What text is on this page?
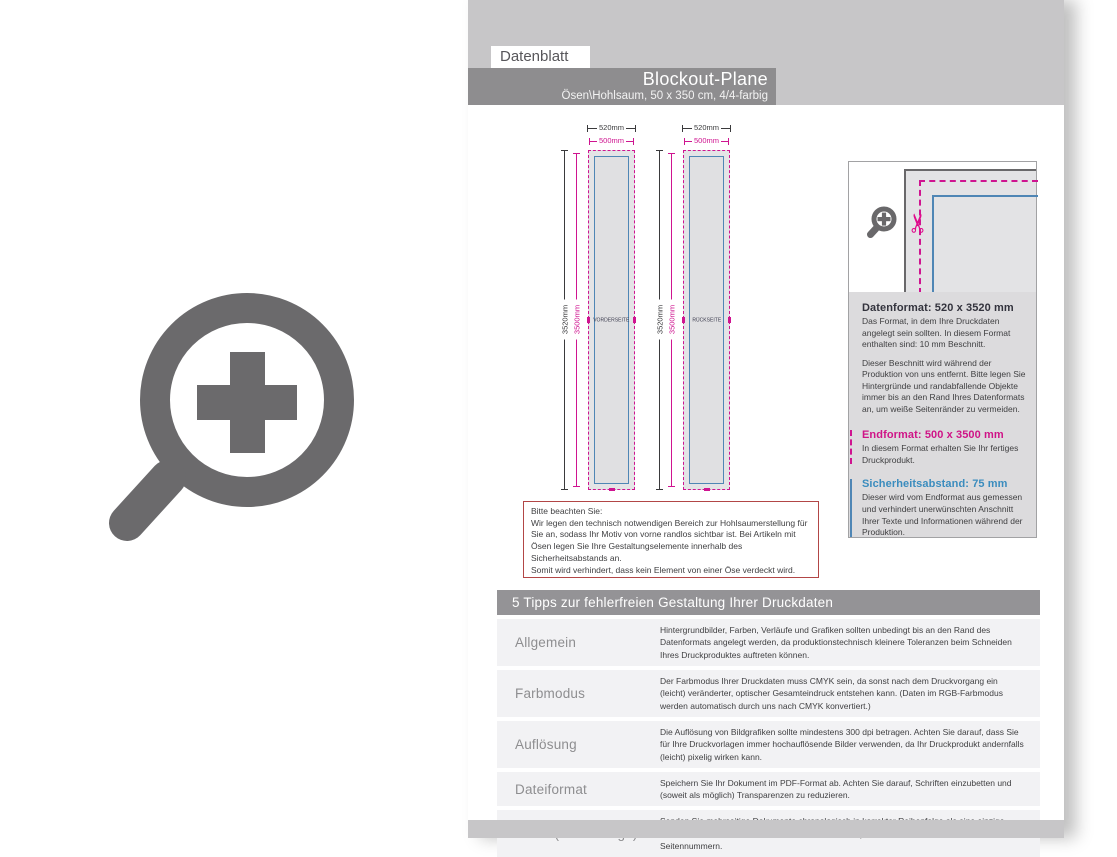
Datenblatt
Blockout-Plane
Ösen\Hohlsaum, 50 x 350 cm, 4/4-farbig
520mm
500mm
3520mm 3500mm VORDERSEITE
520mm
500mm
3520mm 3500mm RÜCKSEITE

Bitte beachten Sie:

Wir legen den technisch notwendigen Bereich zur Hohlsaumerstellung für Sie an, sodass Ihr Motiv von vorne randlos sichtbar ist. Bei Artikeln mit Ösen legen Sie Ihre Gestaltungselemente innerhalb des Sicherheitsabstands an.

Somit wird verhindert, dass kein Element von einer Öse verdeckt wird.

✂
Datenformat: 520 x 3520 mm

Das Format, in dem Ihre Druckdaten angelegt sein sollten. In diesem Format enthalten sind: 10 mm Beschnitt.

Dieser Beschnitt wird während der Produktion von uns entfernt. Bitte legen Sie Hintergründe und randabfallende Objekte immer bis an den Rand Ihres Datenformats an, um weiße Seitenränder zu vermeiden.

Endformat: 500 x 3500 mm

In diesem Format erhalten Sie Ihr fertiges Druckprodukt.

Sicherheitsabstand: 75 mm

Dieser wird vom Endformat aus gemessen und verhindert unerwünschten Anschnitt Ihrer Texte und Informationen während der Produktion.

5 Tipps zur fehlerfreien Gestaltung Ihrer Druckdaten
Allgemein
Hintergrundbilder, Farben, Verläufe und Grafiken sollten unbedingt bis an den Rand des Datenformats angelegt werden, da produktionstechnisch kleinere Toleranzen beim Schneiden Ihres Druckproduktes auftreten können.
Farbmodus
Der Farbmodus Ihrer Druckdaten muss CMYK sein, da sonst nach dem Druckvorgang ein (leicht) veränderter, optischer Gesamteindruck entstehen kann. (Daten im RGB-Farbmodus werden automatisch durch uns nach CMYK konvertiert.)
Auflösung
Die Auflösung von Bildgrafiken sollte mindestens 300 dpi betragen. Achten Sie darauf, dass Sie für Ihre Druckvorlagen immer hochauflösende Bilder verwenden, da Ihr Druckprodukt andernfalls (leicht) pixelig wirken kann.
Dateiformat	Speichern Sie Ihr Dokument im PDF-Format ab. Achten Sie darauf, Schriften einzubetten und (soweit als möglich) Transparenzen zu reduzieren.
Seitennummern.
